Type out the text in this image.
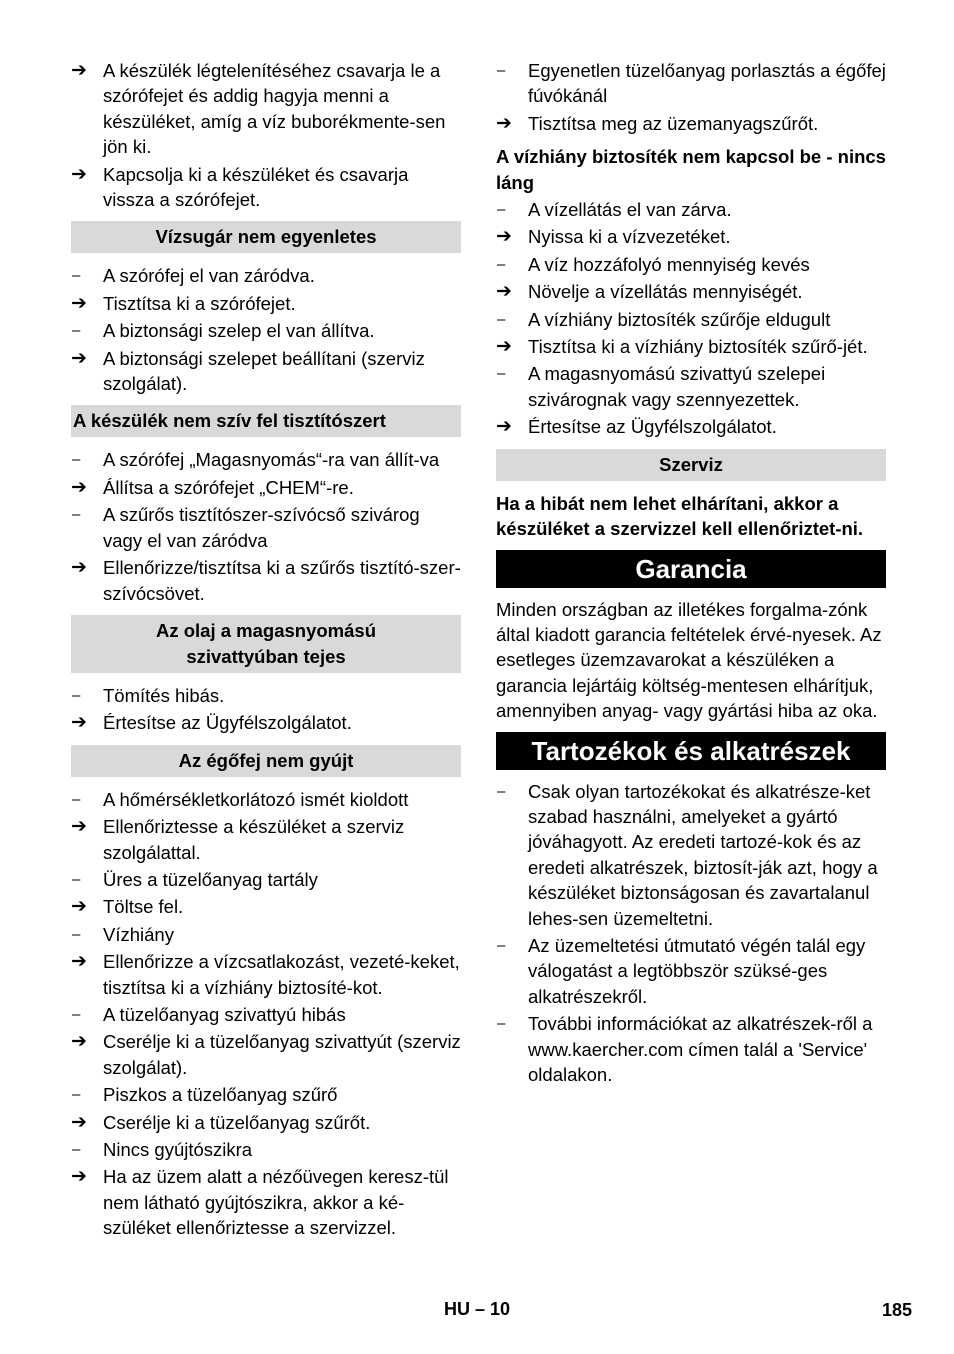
➔ A készülék légtelenítéséhez csavarja le a szórófejet és addig hagyja menni a készüléket, amíg a víz buborékmente-sen jön ki.
➔ Kapcsolja ki a készüléket és csavarja vissza a szórófejet.
Vízsugár nem egyenletes
–	A szórófej el van záródva.
➔ Tisztítsa ki a szórófejet.
–	A biztonsági szelep el van állítva.
➔ A biztonsági szelepet beállítani (szerviz szolgálat).
A készülék nem szív fel tisztítószert
–	A szórófej „Magasnyomás“-ra van állít-va
➔ Állítsa a szórófejet „CHEM“-re.
–	A szűrős tisztítószer-szívócső szivárog vagy el van záródva
➔ Ellenőrizze/tisztítsa ki a szűrős tisztító-szer-szívócsövet.
Az olaj a magasnyomású
szivattyúban tejes
–	Tömítés hibás.
➔ Értesítse az Ügyfélszolgálatot.
Az égőfej nem gyújt
–	A hőmérsékletkorlátozó ismét kioldott
➔ Ellenőriztesse a készüléket a szerviz szolgálattal.
–	Üres a tüzelőanyag tartály
➔ Töltse fel.
–	Vízhiány
➔ Ellenőrizze a vízcsatlakozást, vezeté-keket, tisztítsa ki a vízhiány biztosíté-kot.
–	A tüzelőanyag szivattyú hibás
➔ Cserélje ki a tüzelőanyag szivattyút (szerviz szolgálat).
–	Piszkos a tüzelőanyag szűrő
➔ Cserélje ki a tüzelőanyag szűrőt.
–	Nincs gyújtószikra
➔ Ha az üzem alatt a nézőüvegen keresz-tül nem látható gyújtószikra, akkor a ké-szüléket ellenőriztesse a szervizzel.
–	Egyenetlen tüzelőanyag porlasztás a égőfej fúvókánál
➔ Tisztítsa meg az üzemanyagszűrőt.
A vízhiány biztosíték nem kapcsol be - nincs láng
–	A vízellátás el van zárva.
➔ Nyissa ki a vízvezetéket.
–	A víz hozzáfolyó mennyiség kevés
➔ Növelje a vízellátás mennyiségét.
–	A vízhiány biztosíték szűrője eldugult
➔ Tisztítsa ki a vízhiány biztosíték szűrő-jét.
–	A magasnyomású szivattyú szelepei szivárognak vagy szennyezettek.
➔ Értesítse az Ügyfélszolgálatot.
Szerviz
Ha a hibát nem lehet elhárítani, akkor a készüléket a szervizzel kell ellenőriztet-ni.
Garancia
Minden országban az illetékes forgalma-zónk által kiadott garancia feltételek érvé-nyesek. Az esetleges üzemzavarokat a készüléken a garancia lejártáig költség-mentesen elhárítjuk, amennyiben anyag- vagy gyártási hiba az oka.
Tartozékok és alkatrészek
–	Csak olyan tartozékokat és alkatrésze-ket szabad használni, amelyeket a gyártó jóváhagyott. Az eredeti tartozé-kok és az eredeti alkatrészek, biztosít-ják azt, hogy a készüléket biztonságosan és zavartalanul lehes-sen üzemeltetni.
–	Az üzemeltetési útmutató végén talál egy válogatást a legtöbbször szüksé-ges alkatrészekről.
–	További információkat az alkatrészek-ről a www.kaercher.com címen talál a 'Service' oldalakon.
HU – 10	185
